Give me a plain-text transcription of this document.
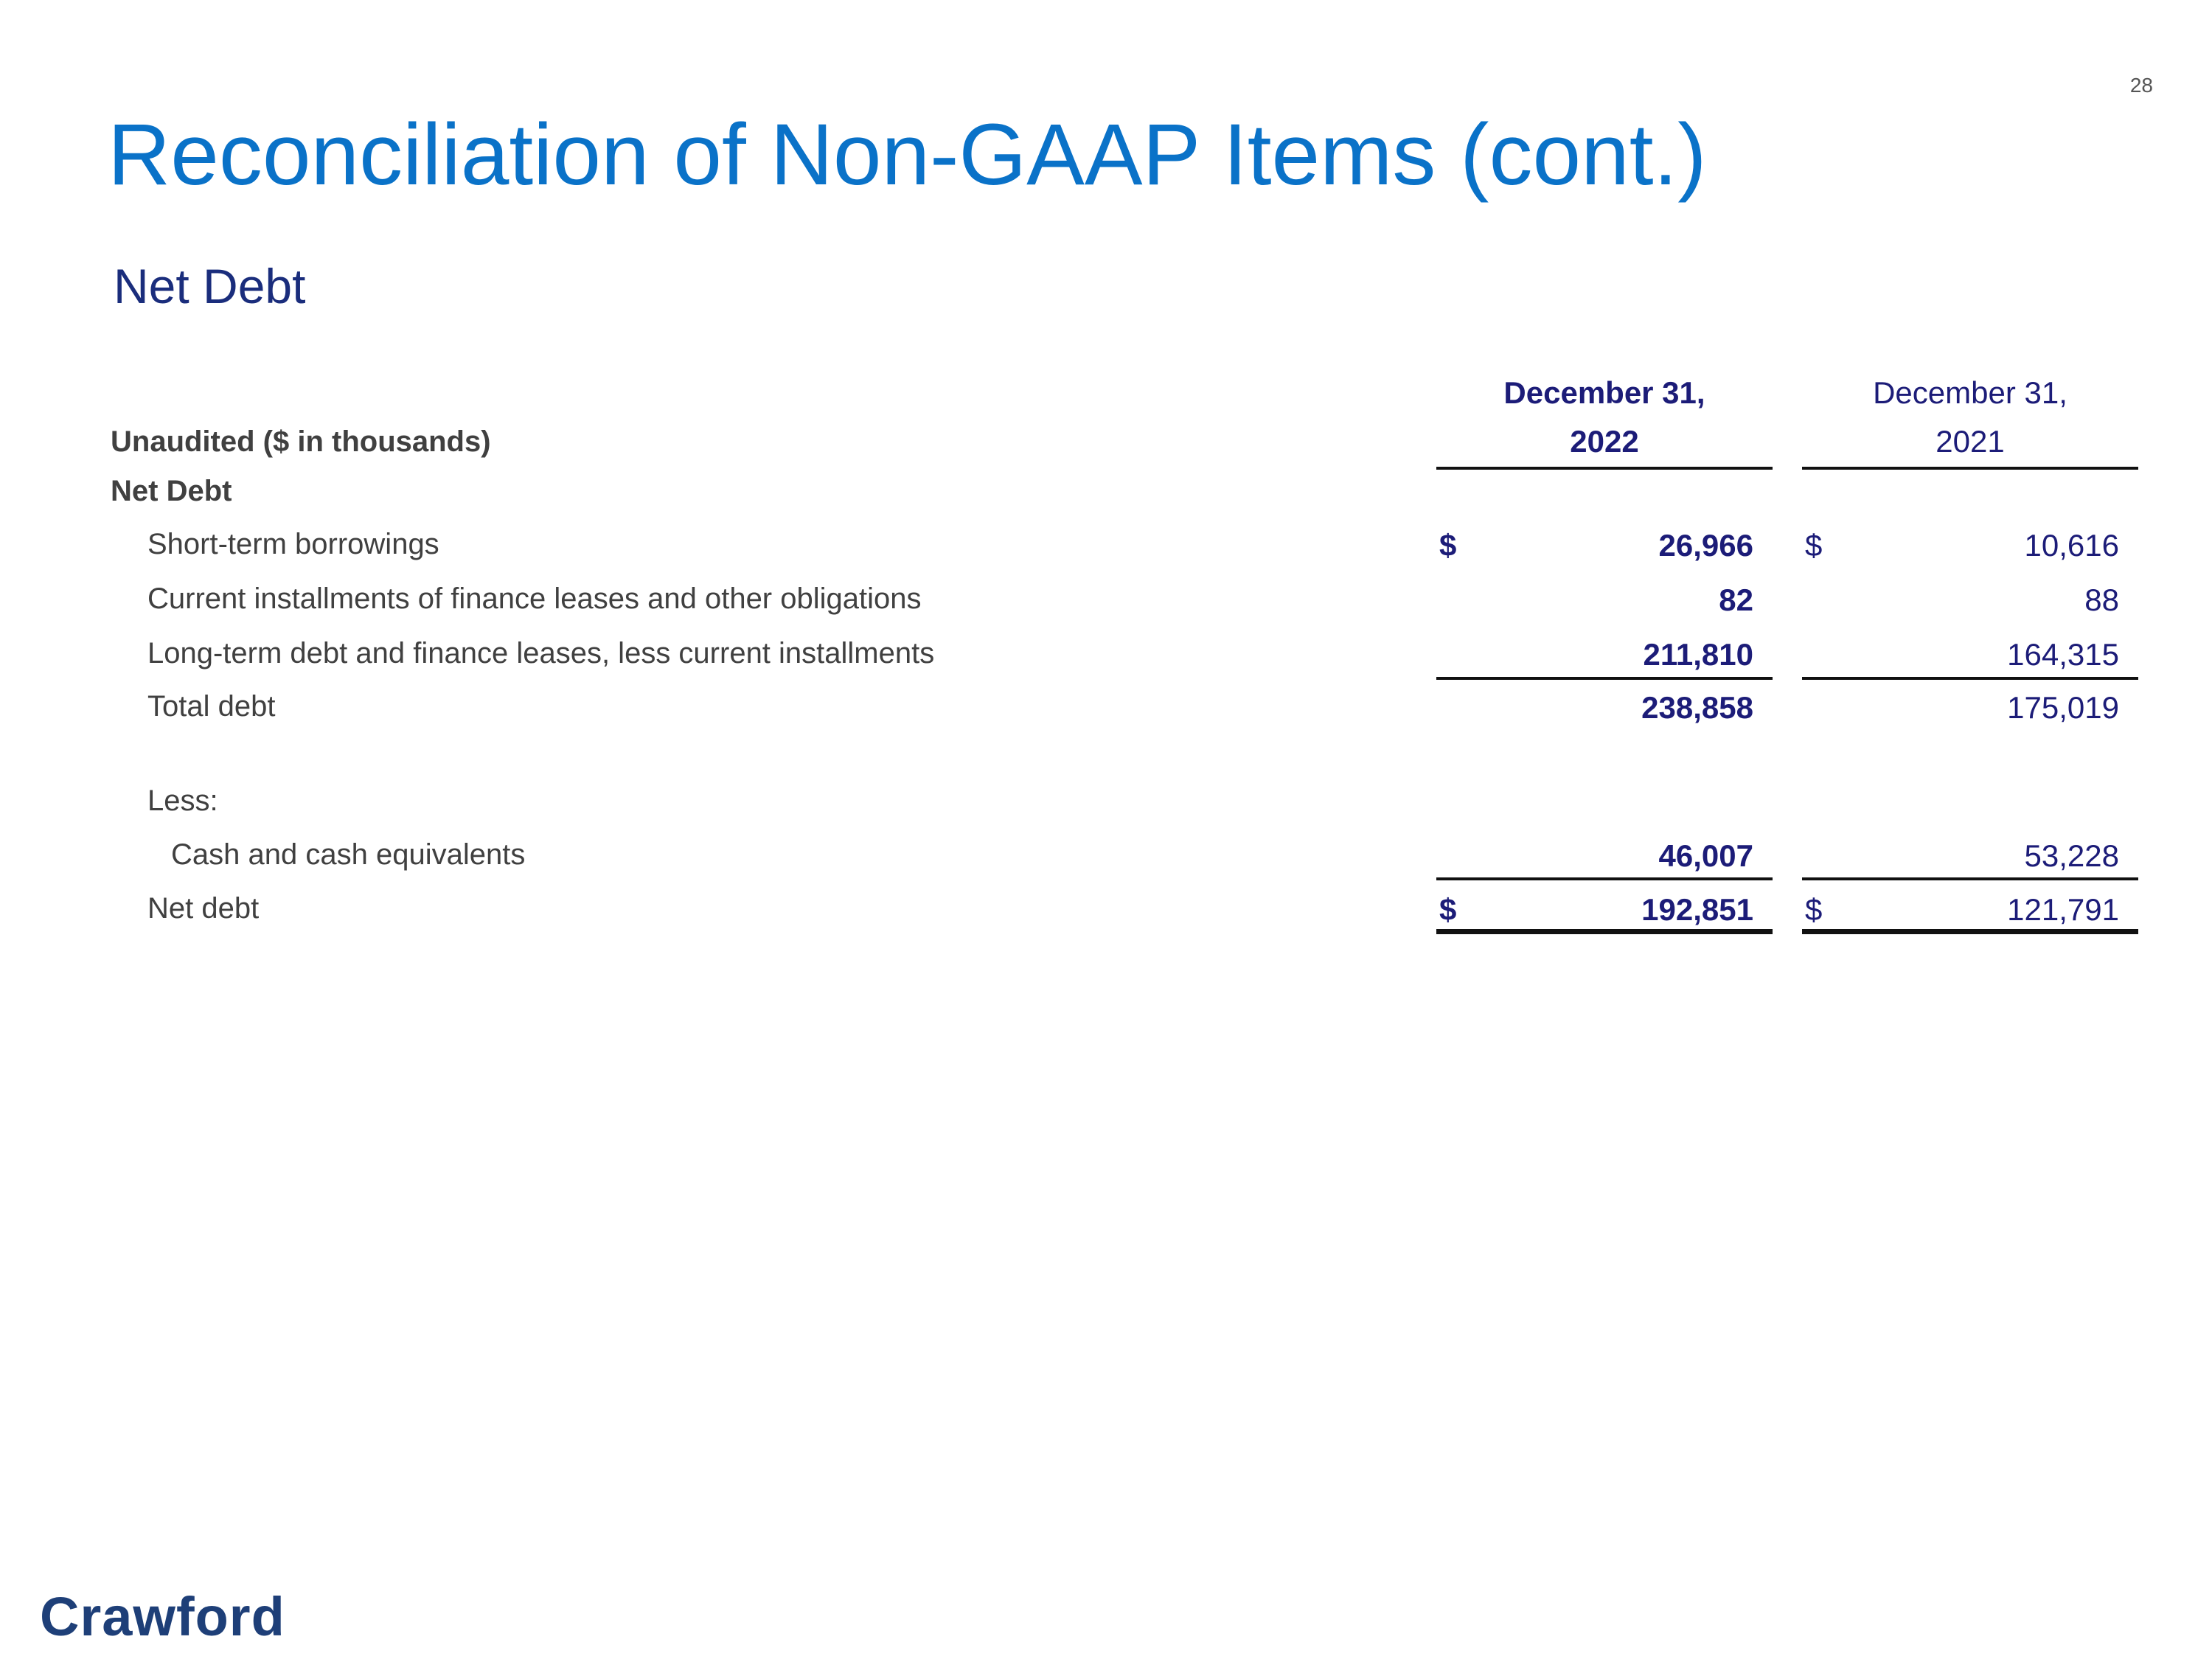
28
Reconciliation of Non-GAAP Items (cont.)
Net Debt
December 31,
2022
December 31,
2021
Unaudited ($ in thousands)
Net Debt
Short-term borrowings	$	26,966 $	10,616
Current installments of finance leases and other obligations	82	88
Long-term debt and finance leases, less current installments	211,810	164,315
Total debt	238,858	175,019
Less:
Cash and cash equivalents	46,007	53,228
Net debt	$	192,851 $	121,791
Crawford
